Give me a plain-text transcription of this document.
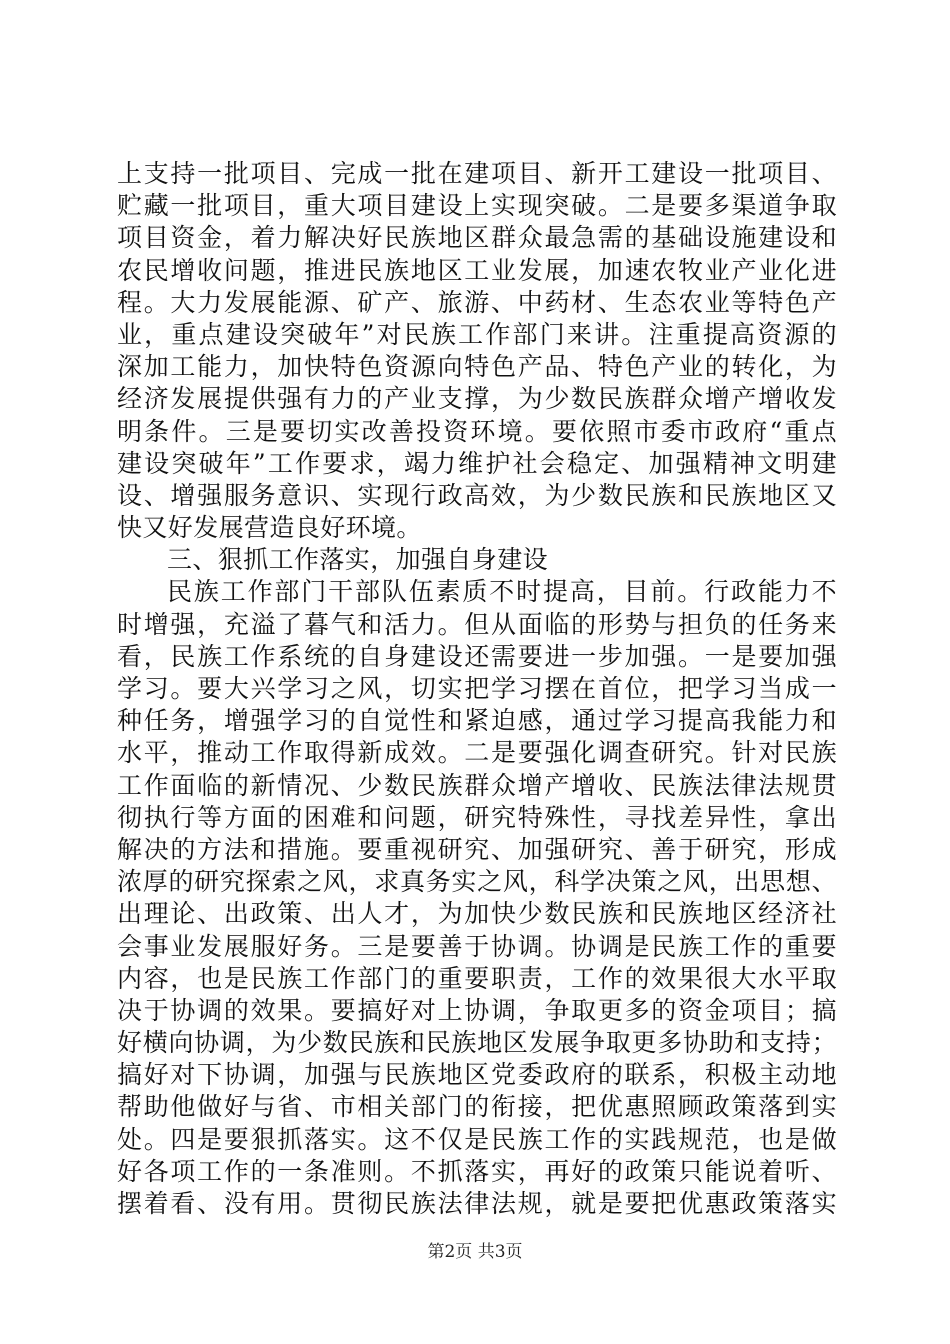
上支持一批项目、完成一批在建项目、新开工建设一批项目、
贮藏一批项目，重大项目建设上实现突破。二是要多渠道争取
项目资金，着力解决好民族地区群众最急需的基础设施建设和
农民增收问题，推进民族地区工业发展，加速农牧业产业化进
程。大力发展能源、矿产、旅游、中药材、生态农业等特色产
业，重点建设突破年”对民族工作部门来讲。注重提高资源的
深加工能力，加快特色资源向特色产品、特色产业的转化，为
经济发展提供强有力的产业支撑，为少数民族群众增产增收发
明条件。三是要切实改善投资环境。要依照市委市政府“重点
建设突破年”工作要求，竭力维护社会稳定、加强精神文明建
设、增强服务意识、实现行政高效，为少数民族和民族地区又
快又好发展营造良好环境。
三、狠抓工作落实，加强自身建设
民族工作部门干部队伍素质不时提高，目前。行政能力不
时增强，充溢了暮气和活力。但从面临的形势与担负的任务来
看，民族工作系统的自身建设还需要进一步加强。一是要加强
学习。要大兴学习之风，切实把学习摆在首位，把学习当成一
种任务，增强学习的自觉性和紧迫感，通过学习提高我能力和
水平，推动工作取得新成效。二是要强化调查研究。针对民族
工作面临的新情况、少数民族群众增产增收、民族法律法规贯
彻执行等方面的困难和问题，研究特殊性，寻找差异性，拿出
解决的方法和措施。要重视研究、加强研究、善于研究，形成
浓厚的研究探索之风，求真务实之风，科学决策之风，出思想、
出理论、出政策、出人才，为加快少数民族和民族地区经济社
会事业发展服好务。三是要善于协调。协调是民族工作的重要
内容，也是民族工作部门的重要职责，工作的效果很大水平取
决于协调的效果。要搞好对上协调，争取更多的资金项目；搞
好横向协调，为少数民族和民族地区发展争取更多协助和支持；
搞好对下协调，加强与民族地区党委政府的联系，积极主动地
帮助他做好与省、市相关部门的衔接，把优惠照顾政策落到实
处。四是要狠抓落实。这不仅是民族工作的实践规范，也是做
好各项工作的一条准则。不抓落实，再好的政策只能说着听、
摆着看、没有用。贯彻民族法律法规，就是要把优惠政策落实
第2页 共3页
